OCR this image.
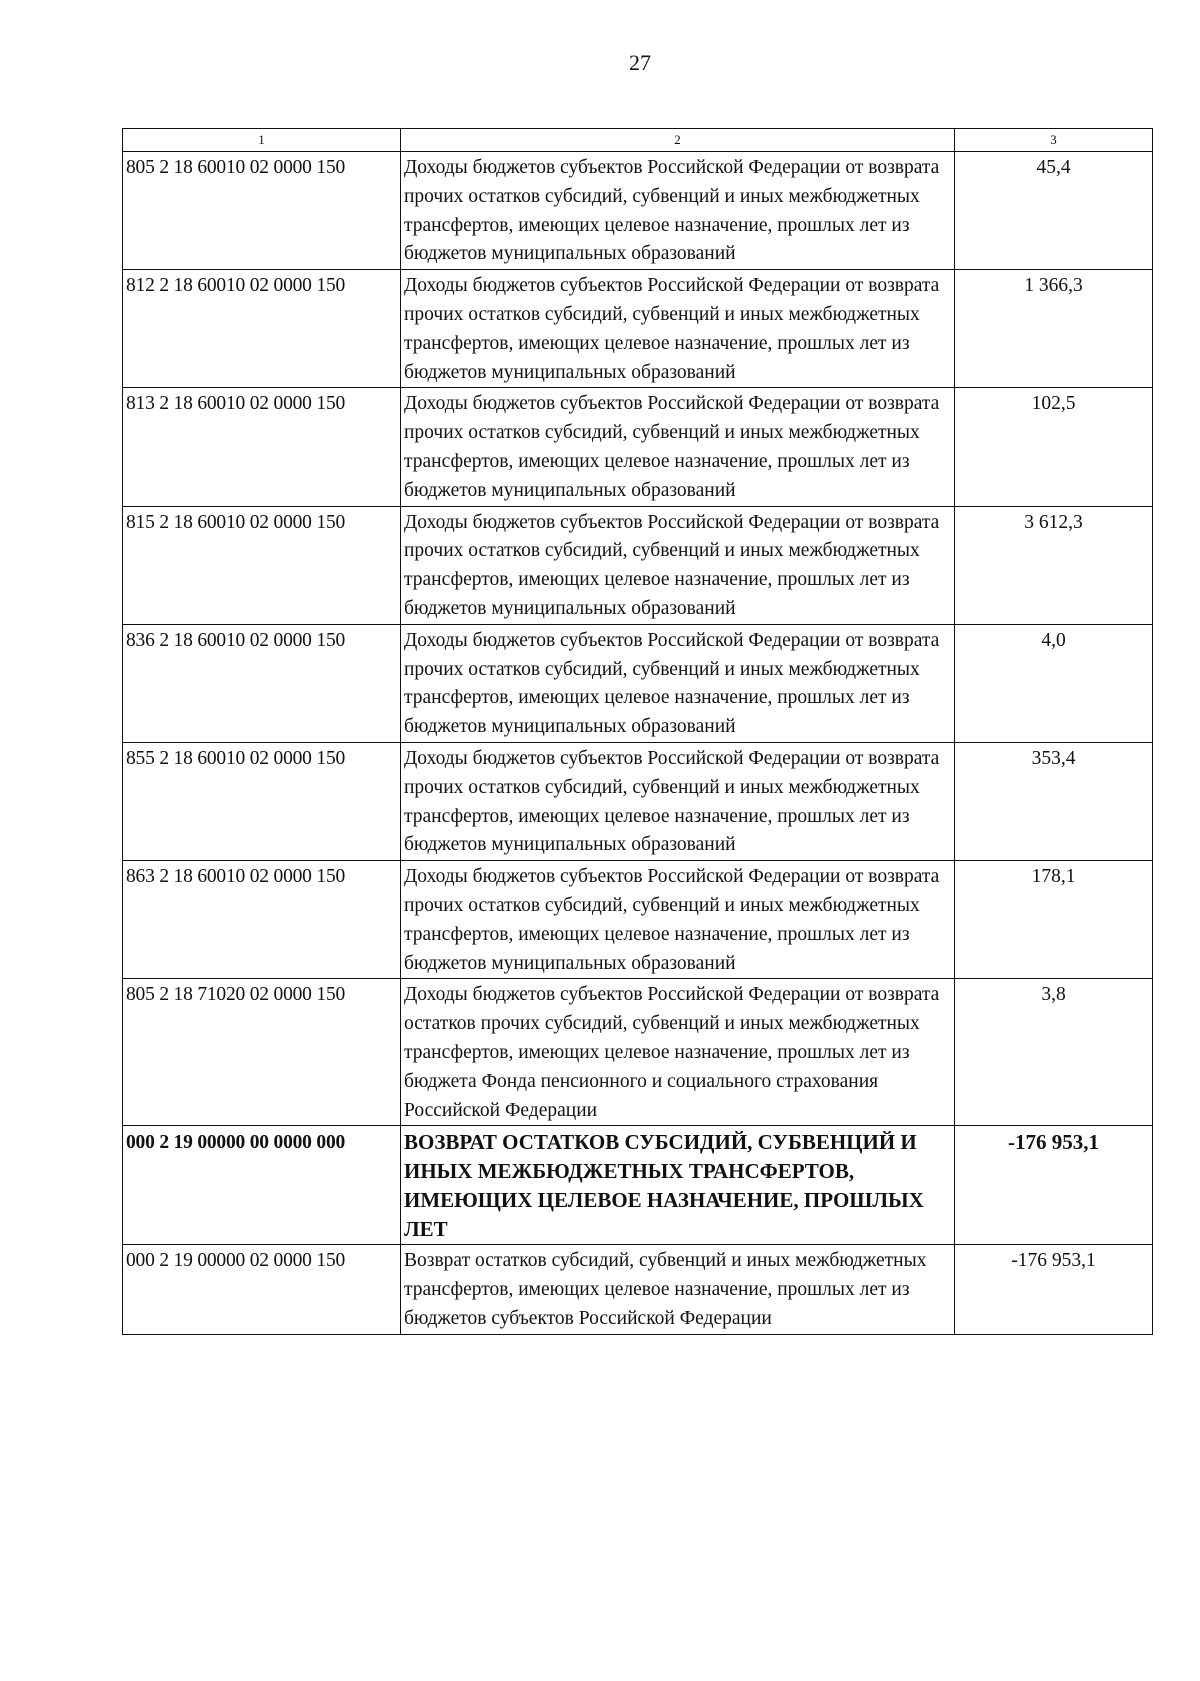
27
1	2	3
805 2 18 60010 02 0000 150	Доходы бюджетов субъектов Российской Федерации от возврата прочих остатков субсидий, субвенций и иных межбюджетных трансфертов, имеющих целевое назначение, прошлых лет из бюджетов муниципальных образований	45,4
812 2 18 60010 02 0000 150	Доходы бюджетов субъектов Российской Федерации от возврата прочих остатков субсидий, субвенций и иных межбюджетных трансфертов, имеющих целевое назначение, прошлых лет из бюджетов муниципальных образований	1 366,3
813 2 18 60010 02 0000 150	Доходы бюджетов субъектов Российской Федерации от возврата прочих остатков субсидий, субвенций и иных межбюджетных трансфертов, имеющих целевое назначение, прошлых лет из бюджетов муниципальных образований	102,5
815 2 18 60010 02 0000 150	Доходы бюджетов субъектов Российской Федерации от возврата прочих остатков субсидий, субвенций и иных межбюджетных трансфертов, имеющих целевое назначение, прошлых лет из бюджетов муниципальных образований	3 612,3
836 2 18 60010 02 0000 150	Доходы бюджетов субъектов Российской Федерации от возврата прочих остатков субсидий, субвенций и иных межбюджетных трансфертов, имеющих целевое назначение, прошлых лет из бюджетов муниципальных образований	4,0
855 2 18 60010 02 0000 150	Доходы бюджетов субъектов Российской Федерации от возврата прочих остатков субсидий, субвенций и иных межбюджетных трансфертов, имеющих целевое назначение, прошлых лет из бюджетов муниципальных образований	353,4
863 2 18 60010 02 0000 150	Доходы бюджетов субъектов Российской Федерации от возврата прочих остатков субсидий, субвенций и иных межбюджетных трансфертов, имеющих целевое назначение, прошлых лет из бюджетов муниципальных образований	178,1
805 2 18 71020 02 0000 150	Доходы бюджетов субъектов Российской Федерации от возврата остатков прочих субсидий, субвенций и иных межбюджетных трансфертов, имеющих целевое назначение, прошлых лет из бюджета Фонда пенсионного и социального страхования Российской Федерации	3,8
000 2 19 00000 00 0000 000	ВОЗВРАТ ОСТАТКОВ СУБСИДИЙ, СУБВЕНЦИЙ И ИНЫХ МЕЖБЮДЖЕТНЫХ ТРАНСФЕРТОВ, ИМЕЮЩИХ ЦЕЛЕВОЕ НАЗНАЧЕНИЕ, ПРОШЛЫХ ЛЕТ	-176 953,1
000 2 19 00000 02 0000 150	Возврат остатков субсидий, субвенций и иных межбюджетных трансфертов, имеющих целевое назначение, прошлых лет из бюджетов субъектов Российской Федерации	-176 953,1
